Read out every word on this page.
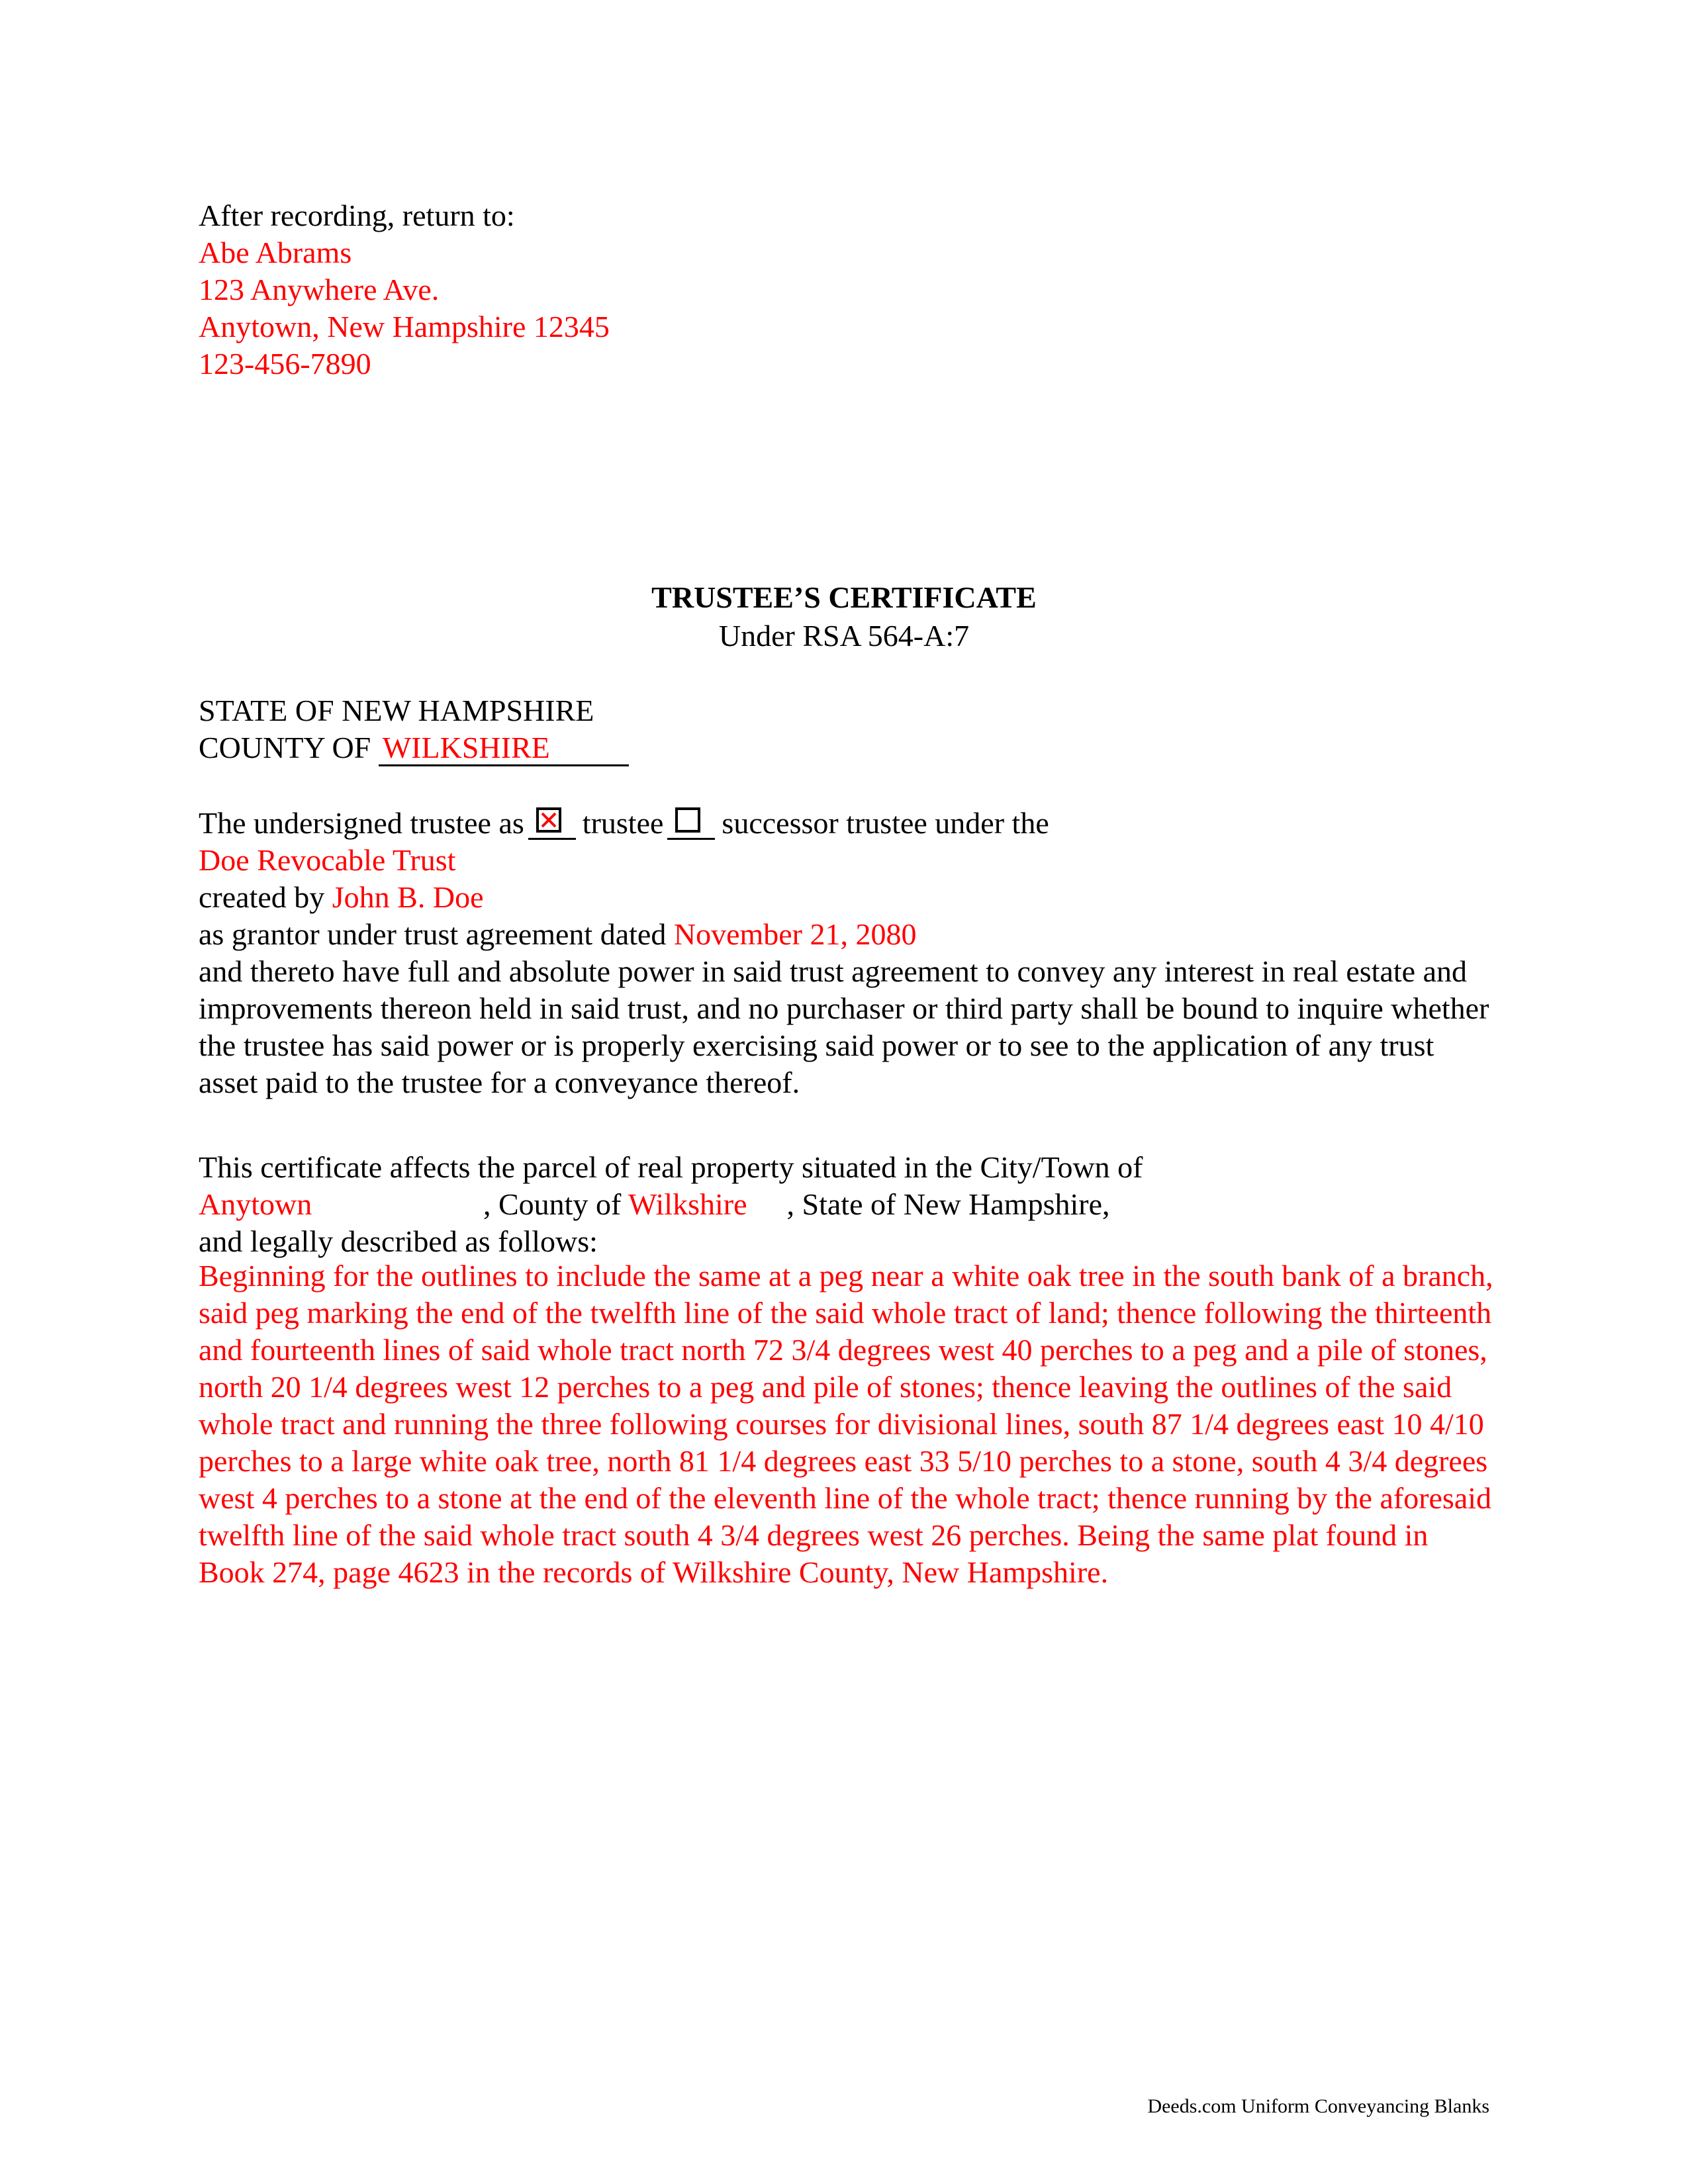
After recording, return to:
Abe Abrams
123 Anywhere Ave.
Anytown, New Hampshire 12345
123-456-7890
TRUSTEE’S CERTIFICATE
Under RSA 564-A:7
STATE OF NEW HAMPSHIRE
COUNTY OF WILKSHIRE
The undersigned trustee as trustee successor trustee under the
Doe Revocable Trust
created by John B. Doe
as grantor under trust agreement dated November 21, 2080
and thereto have full and absolute power in said trust agreement to convey any interest in real estate and improvements thereon held in said trust, and no purchaser or third party shall be bound to inquire whether the trustee has said power or is properly exercising said power or to see to the application of any trust asset paid to the trustee for a conveyance thereof.
This certificate affects the parcel of real property situated in the City/Town of
Anytown	, County of Wilkshire , State of New Hampshire,
and legally described as follows:
Beginning for the outlines to include the same at a peg near a white oak tree in the south bank of a branch, said peg marking the end of the twelfth line of the said whole tract of land; thence following the thirteenth and fourteenth lines of said whole tract north 72 3/4 degrees west 40 perches to a peg and a pile of stones, north 20 1/4 degrees west 12 perches to a peg and pile of stones; thence leaving the outlines of the said whole tract and running the three following courses for divisional lines, south 87 1/4 degrees east 10 4/10 perches to a large white oak tree, north 81 1/4 degrees east 33 5/10 perches to a stone, south 4 3/4 degrees west 4 perches to a stone at the end of the eleventh line of the whole tract; thence running by the aforesaid twelfth line of the said whole tract south 4 3/4 degrees west 26 perches. Being the same plat found in Book 274, page 4623 in the records of Wilkshire County, New Hampshire.
Deeds.com Uniform Conveyancing Blanks
